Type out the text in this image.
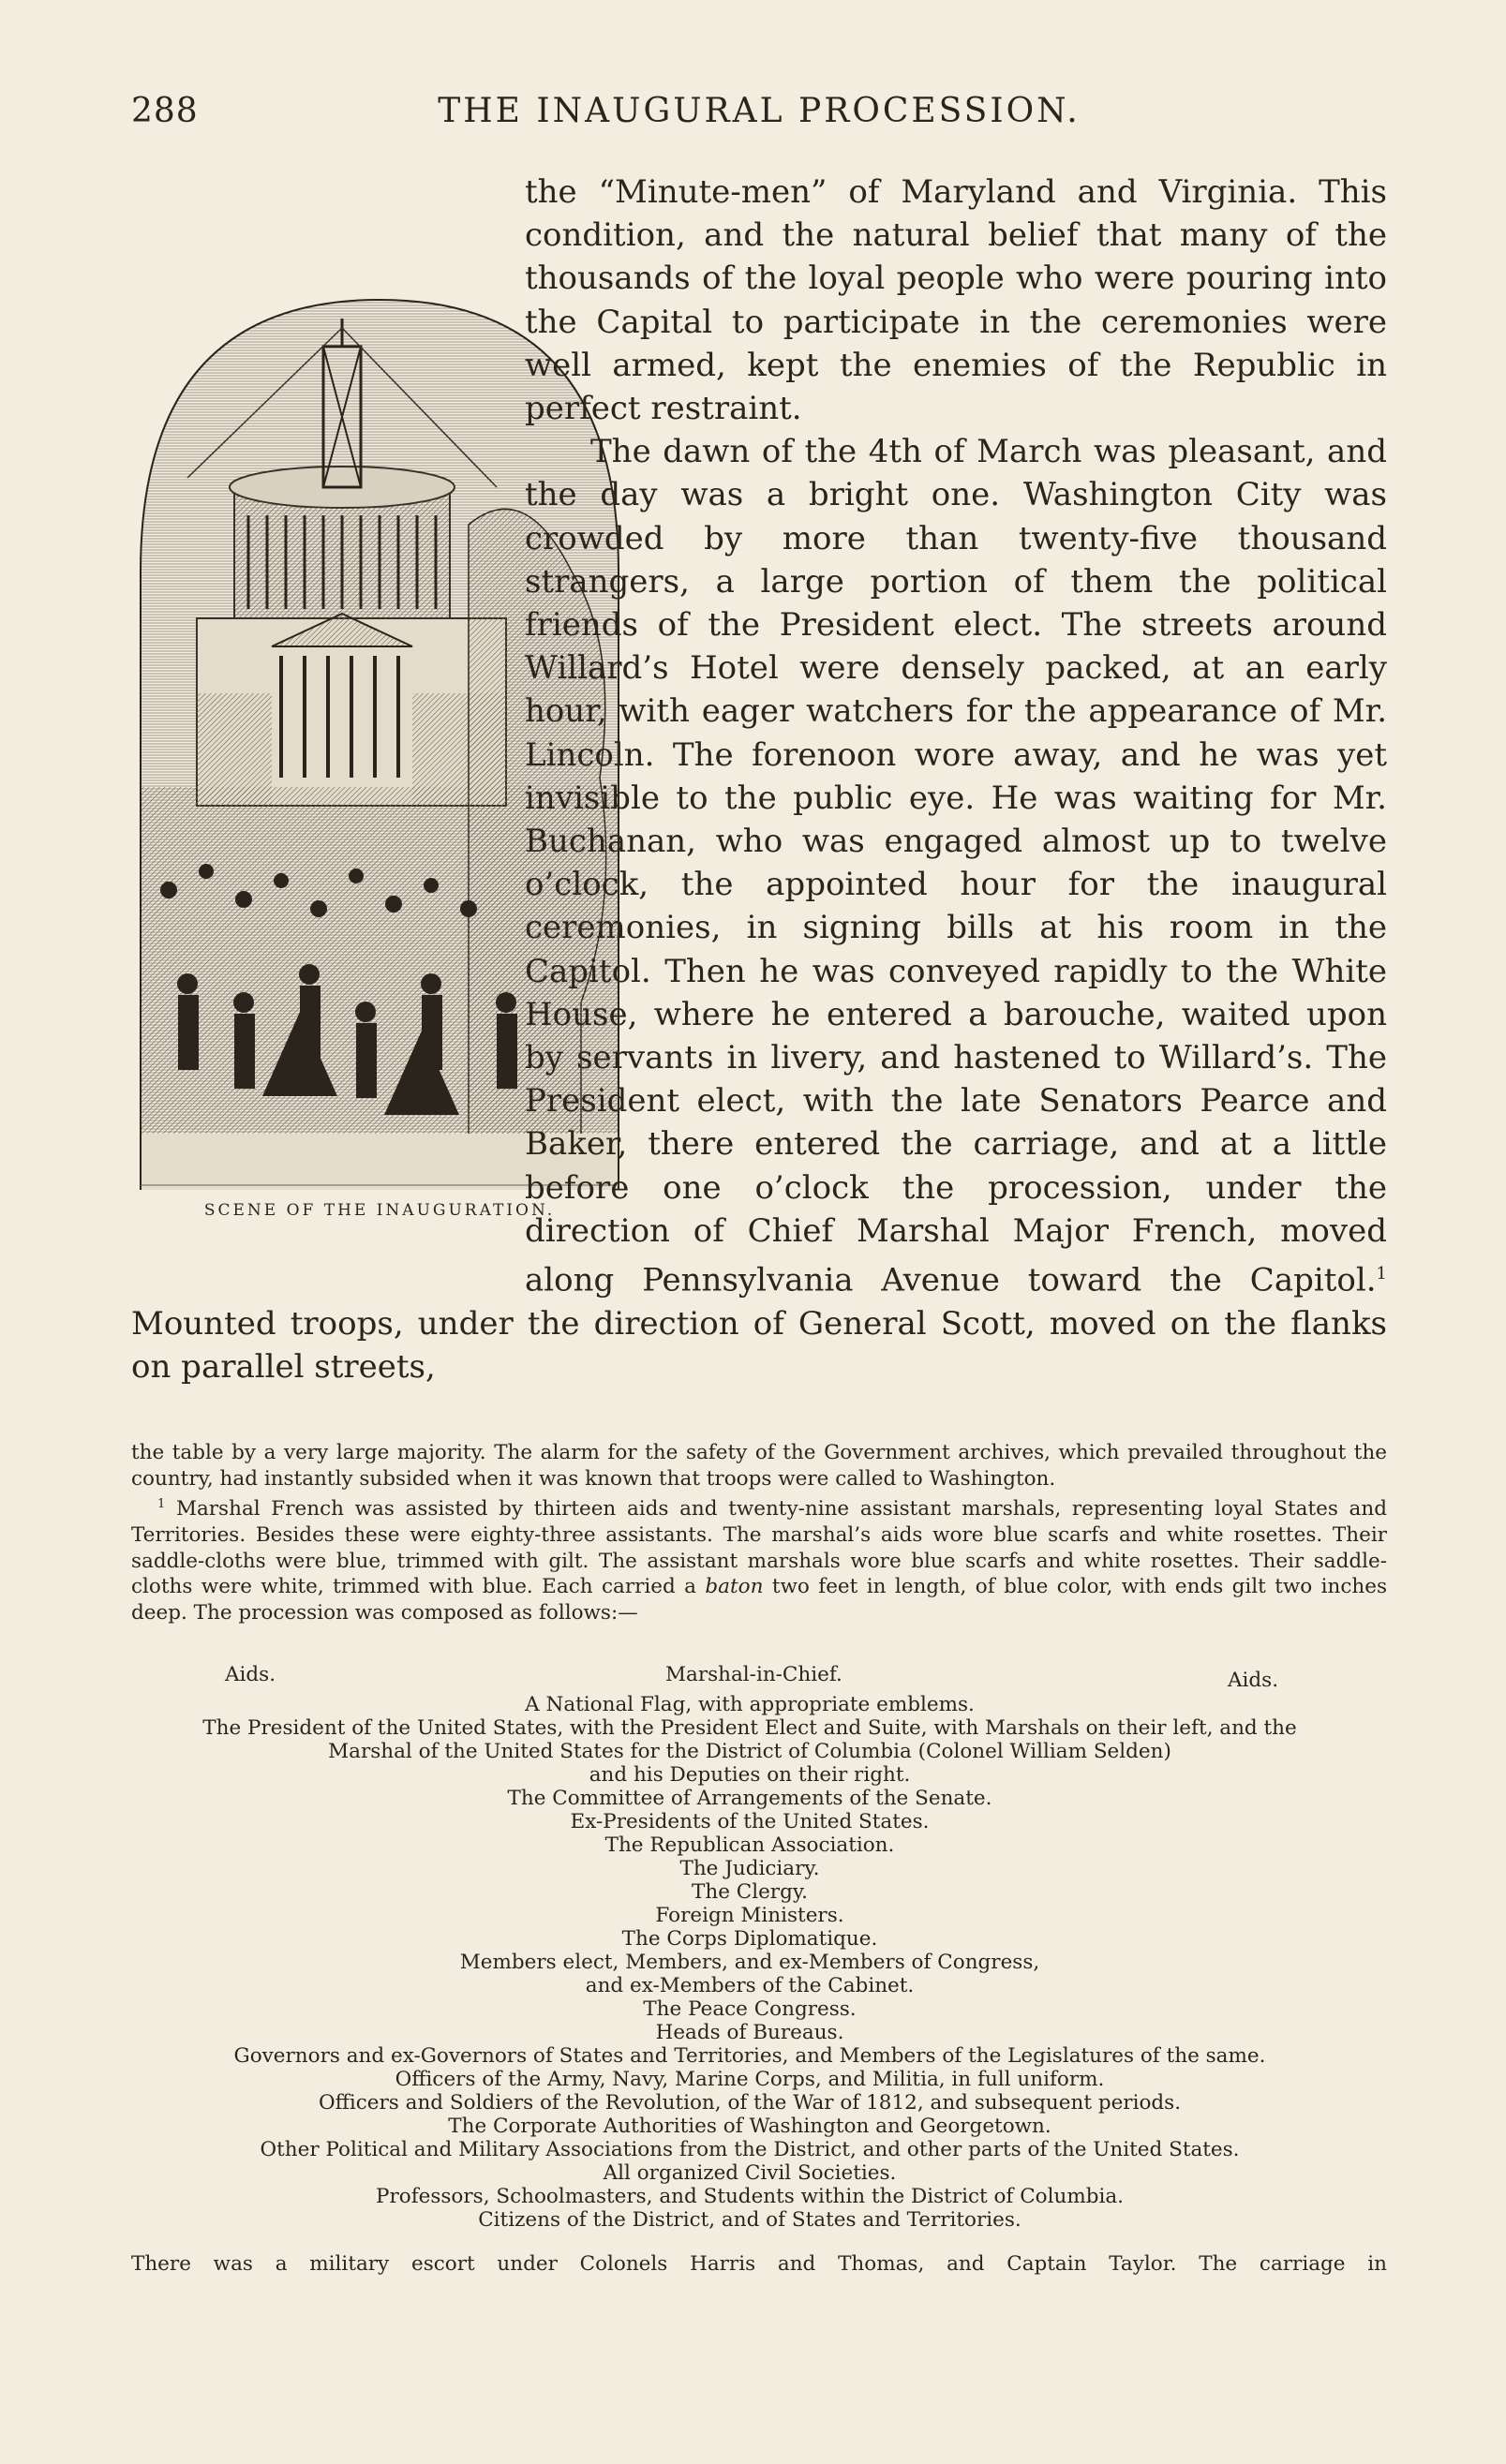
288	THE INAUGURAL PROCESSION.
SCENE OF THE INAUGURATION.

the “Minute-men” of Maryland and Virginia. This condition, and the natural belief that many of the thousands of the loyal people who were pouring into the Capital to participate in the ceremonies were well armed, kept the enemies of the Republic in perfect restraint.

The dawn of the 4th of March was pleasant, and the day was a bright one. Washington City was crowded by more than twenty-five thousand strangers, a large portion of them the political friends of the President elect. The streets around Willard’s Hotel were densely packed, at an early hour, with eager watchers for the appearance of Mr. Lincoln. The forenoon wore away, and he was yet invisible to the public eye. He was waiting for Mr. Buchanan, who was engaged almost up to twelve o’clock, the appointed hour for the inaugural ceremonies, in signing bills at his room in the Capitol. Then he was conveyed rapidly to the White House, where he entered a barouche, waited upon by servants in livery, and hastened to Willard’s. The President elect, with the late Senators Pearce and Baker, there entered the carriage, and at a little before one o’clock the procession, under the direction of Chief Marshal Major French, moved along Pennsylvania Avenue toward the Capitol.$^1$ Mounted troops, under the direction of General Scott, moved on the flanks on parallel streets,

the table by a very large majority. The alarm for the safety of the Government archives, which prevailed throughout the country, had instantly subsided when it was known that troops were called to Washington.

$^1$ Marshal French was assisted by thirteen aids and twenty-nine assistant marshals, representing loyal States and Territories. Besides these were eighty-three assistants. The marshal’s aids wore blue scarfs and white rosettes. Their saddle-cloths were blue, trimmed with gilt. The assistant marshals wore blue scarfs and white rosettes. Their saddle-cloths were white, trimmed with blue. Each carried a baton two feet in length, of blue color, with ends gilt two inches deep. The procession was composed as follows:—

Aids.	Marshal-in-Chief.	Aids.
A National Flag, with appropriate emblems.
The President of the United States, with the President Elect and Suite, with Marshals on their left, and the
Marshal of the United States for the District of Columbia (Colonel William Selden)
and his Deputies on their right.
The Committee of Arrangements of the Senate.
Ex-Presidents of the United States.
The Republican Association.
The Judiciary.
The Clergy.
Foreign Ministers.
The Corps Diplomatique.
Members elect, Members, and ex-Members of Congress,
and ex-Members of the Cabinet.
The Peace Congress.
Heads of Bureaus.
Governors and ex-Governors of States and Territories, and Members of the Legislatures of the same.
Officers of the Army, Navy, Marine Corps, and Militia, in full uniform.
Officers and Soldiers of the Revolution, of the War of 1812, and subsequent periods.
The Corporate Authorities of Washington and Georgetown.
Other Political and Military Associations from the District, and other parts of the United States.
All organized Civil Societies.
Professors, Schoolmasters, and Students within the District of Columbia.
Citizens of the District, and of States and Territories.
There was a military escort under Colonels Harris and Thomas, and Captain Taylor. The carriage in
